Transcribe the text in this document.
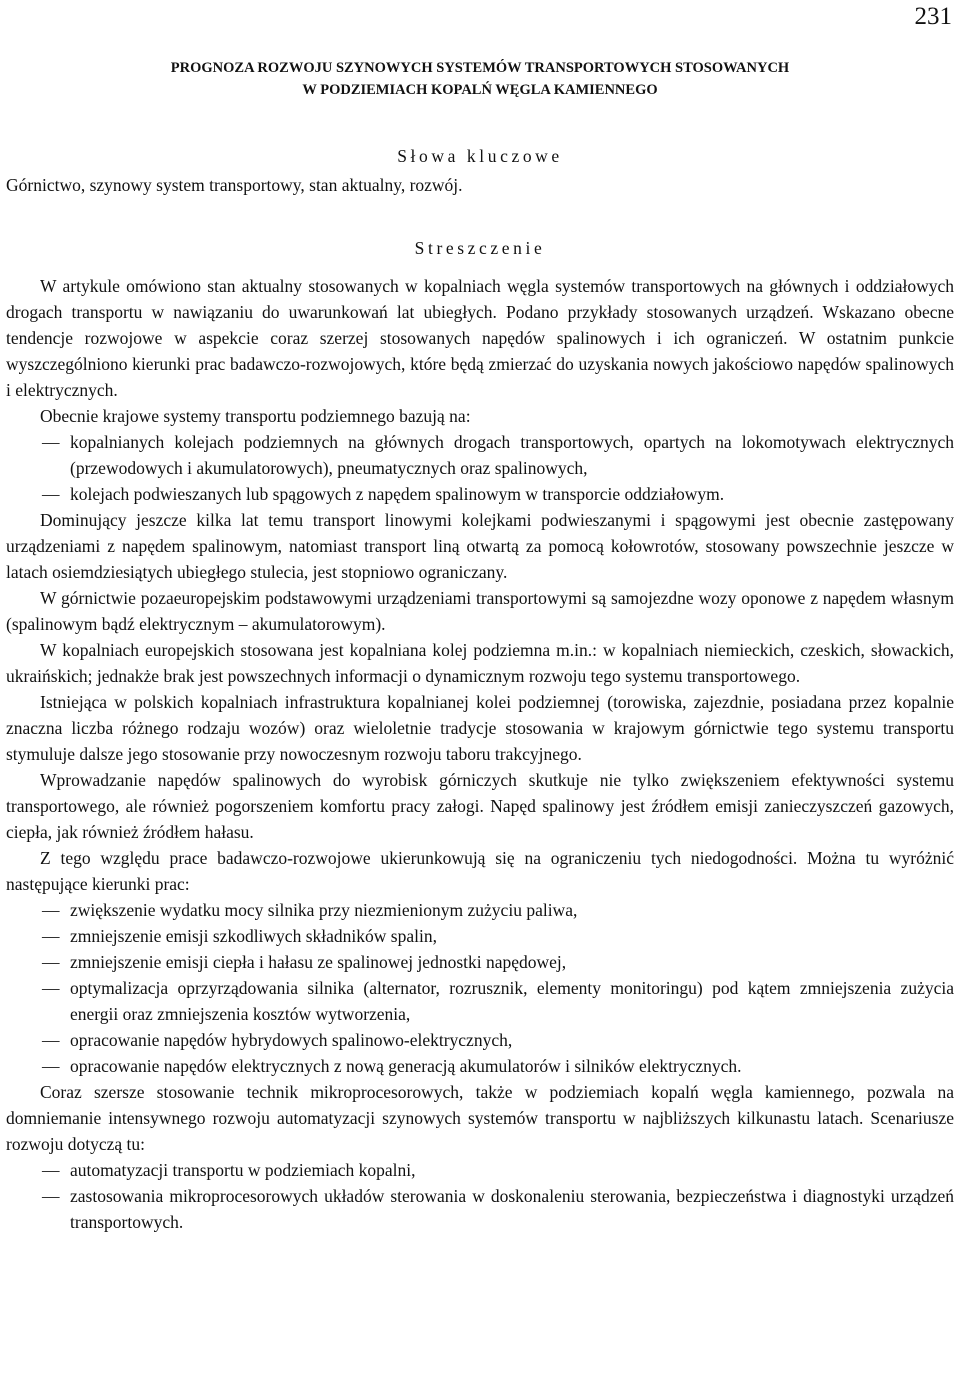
231
PROGNOZA ROZWOJU SZYNOWYCH SYSTEMÓW TRANSPORTOWYCH STOSOWANYCH
W PODZIEMIACH KOPALŃ WĘGLA KAMIENNEGO
Słowa kluczowe
Górnictwo, szynowy system transportowy, stan aktualny, rozwój.
Streszczenie

W artykule omówiono stan aktualny stosowanych w kopalniach węgla systemów transportowych na głównych i oddziałowych drogach transportu w nawiązaniu do uwarunkowań lat ubiegłych. Podano przykłady stosowanych urządzeń. Wskazano obecne tendencje rozwojowe w aspekcie coraz szerzej stosowanych napędów spalinowych i ich ograniczeń. W ostatnim punkcie wyszczególniono kierunki prac badawczo-rozwojowych, które będą zmierzać do uzyskania nowych jakościowo napędów spalinowych i elektrycznych.

Obecnie krajowe systemy transportu podziemnego bazują na:

— kopalnianych kolejach podziemnych na głównych drogach transportowych, opartych na lokomotywach elektrycznych (przewodowych i akumulatorowych), pneumatycznych oraz spalinowych,
— kolejach podwieszanych lub spągowych z napędem spalinowym w transporcie oddziałowym.

Dominujący jeszcze kilka lat temu transport linowymi kolejkami podwieszanymi i spągowymi jest obecnie zastępowany urządzeniami z napędem spalinowym, natomiast transport liną otwartą za pomocą kołowrotów, stosowany powszechnie jeszcze w latach osiemdziesiątych ubiegłego stulecia, jest stopniowo ograniczany.

W górnictwie pozaeuropejskim podstawowymi urządzeniami transportowymi są samojezdne wozy oponowe z napędem własnym (spalinowym bądź elektrycznym – akumulatorowym).

W kopalniach europejskich stosowana jest kopalniana kolej podziemna m.in.: w kopalniach niemieckich, czeskich, słowackich, ukraińskich; jednakże brak jest powszechnych informacji o dynamicznym rozwoju tego systemu transportowego.

Istniejąca w polskich kopalniach infrastruktura kopalnianej kolei podziemnej (torowiska, zajezdnie, posiadana przez kopalnie znaczna liczba różnego rodzaju wozów) oraz wieloletnie tradycje stosowania w krajowym górnictwie tego systemu transportu stymuluje dalsze jego stosowanie przy nowoczesnym rozwoju taboru trakcyjnego.

Wprowadzanie napędów spalinowych do wyrobisk górniczych skutkuje nie tylko zwiększeniem efektywności systemu transportowego, ale również pogorszeniem komfortu pracy załogi. Napęd spalinowy jest źródłem emisji zanieczyszczeń gazowych, ciepła, jak również źródłem hałasu.

Z tego względu prace badawczo-rozwojowe ukierunkowują się na ograniczeniu tych niedogodności. Można tu wyróżnić następujące kierunki prac:

— zwiększenie wydatku mocy silnika przy niezmienionym zużyciu paliwa,
— zmniejszenie emisji szkodliwych składników spalin,
— zmniejszenie emisji ciepła i hałasu ze spalinowej jednostki napędowej,
— optymalizacja oprzyrządowania silnika (alternator, rozrusznik, elementy monitoringu) pod kątem zmniejszenia zużycia energii oraz zmniejszenia kosztów wytworzenia,
— opracowanie napędów hybrydowych spalinowo-elektrycznych,
— opracowanie napędów elektrycznych z nową generacją akumulatorów i silników elektrycznych.

Coraz szersze stosowanie technik mikroprocesorowych, także w podziemiach kopalń węgla kamiennego, pozwala na domniemanie intensywnego rozwoju automatyzacji szynowych systemów transportu w najbliższych kilkunastu latach. Scenariusze rozwoju dotyczą tu:

— automatyzacji transportu w podziemiach kopalni,
— zastosowania mikroprocesorowych układów sterowania w doskonaleniu sterowania, bezpieczeństwa i diagnostyki urządzeń transportowych.
